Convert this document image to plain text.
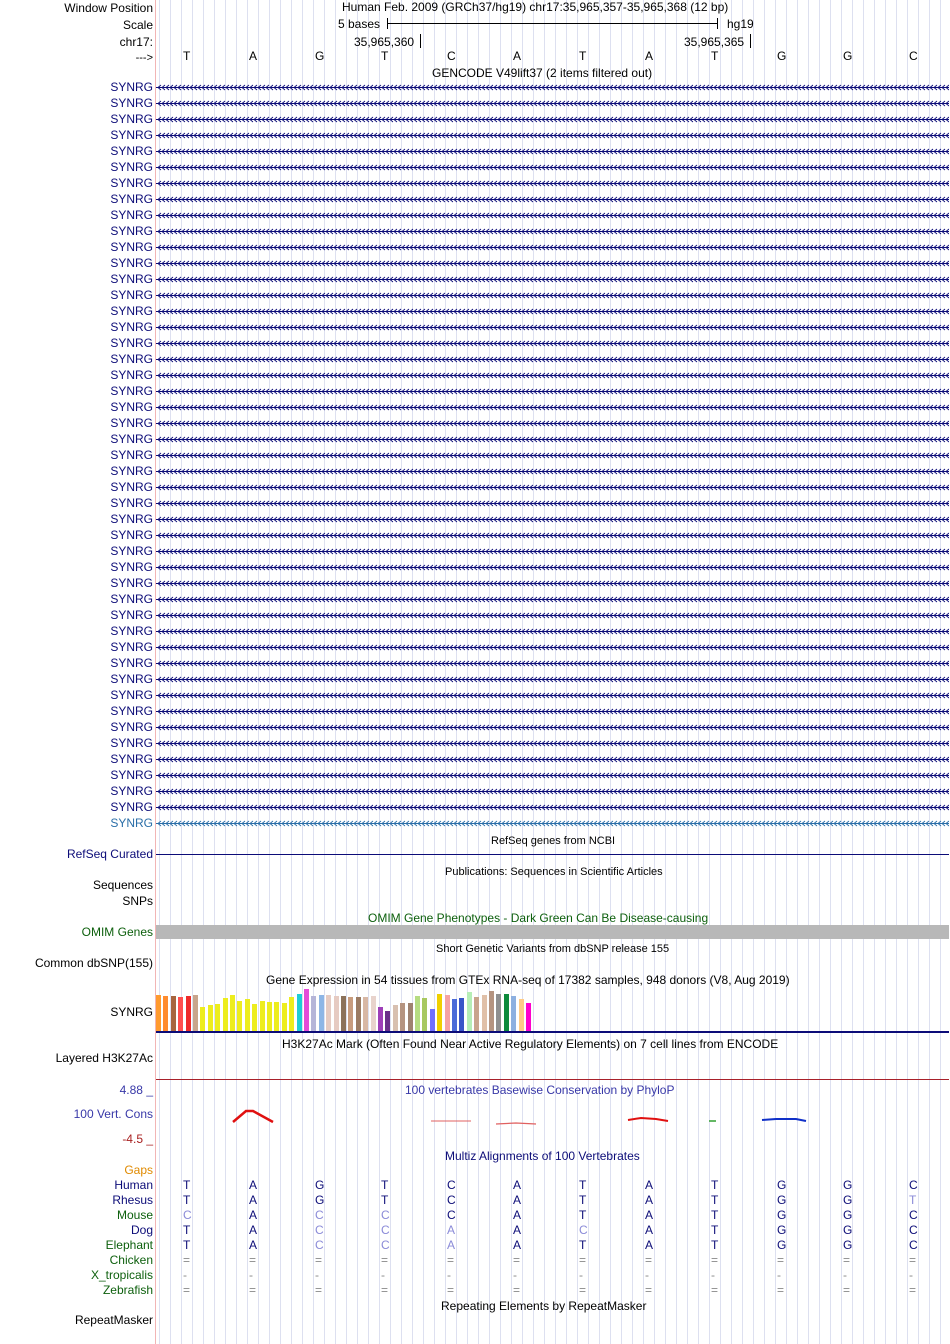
Window Position
Scale
chr17:
--->
Human Feb. 2009 (GRCh37/hg19) chr17:35,965,357-35,965,368 (12 bp)
5 bases	hg19
35,965,360	35,965,365
T	A	G	T	C	A	T	A	T	G	G	C
GENCODE V49lift37 (2 items filtered out)
SYNRG
SYNRG
SYNRG
SYNRG
SYNRG
SYNRG
SYNRG
SYNRG
SYNRG
SYNRG
SYNRG
SYNRG
SYNRG
SYNRG
SYNRG
SYNRG
SYNRG
SYNRG
SYNRG
SYNRG
SYNRG
SYNRG
SYNRG
SYNRG
SYNRG
SYNRG
SYNRG
SYNRG
SYNRG
SYNRG
SYNRG
SYNRG
SYNRG
SYNRG
SYNRG
SYNRG
SYNRG
SYNRG
SYNRG
SYNRG
SYNRG
SYNRG
SYNRG
SYNRG
SYNRG
SYNRG
SYNRG
RefSeq genes from NCBI
RefSeq Curated
Publications: Sequences in Scientific Articles
Sequences
SNPs
OMIM Gene Phenotypes - Dark Green Can Be Disease-causing
OMIM Genes
Short Genetic Variants from dbSNP release 155
Common dbSNP(155)
Gene Expression in 54 tissues from GTEx RNA-seq of 17382 samples, 948 donors (V8, Aug 2019)
SYNRG
H3K27Ac Mark (Often Found Near Active Regulatory Elements) on 7 cell lines from ENCODE
Layered H3K27Ac
4.88 _	100 vertebrates Basewise Conservation by PhyloP
100 Vert. Cons
-4.5 _
Multiz Alignments of 100 Vertebrates
Gaps
Human	T	A	G	T	C	A	T	A	T	G	G	C
Rhesus	T	A	G	T	C	A	T	A	T	G	G	T
Mouse	C	A	C	C	C	A	T	A	T	G	G	C
Dog	T	A	C	C	A	A	C	A	T	G	G	C
Elephant	T	A	C	C	A	A	T	A	T	G	G	C
Chicken	=	=	=	=	=	=	=	=	=	=	=	=
X_tropicalis	-	-	-	-	-	-	-	-	-	-	-	-
Zebrafish	=	=	=	=	=	=	=	=	=	=	=	=
Repeating Elements by RepeatMasker
RepeatMasker
